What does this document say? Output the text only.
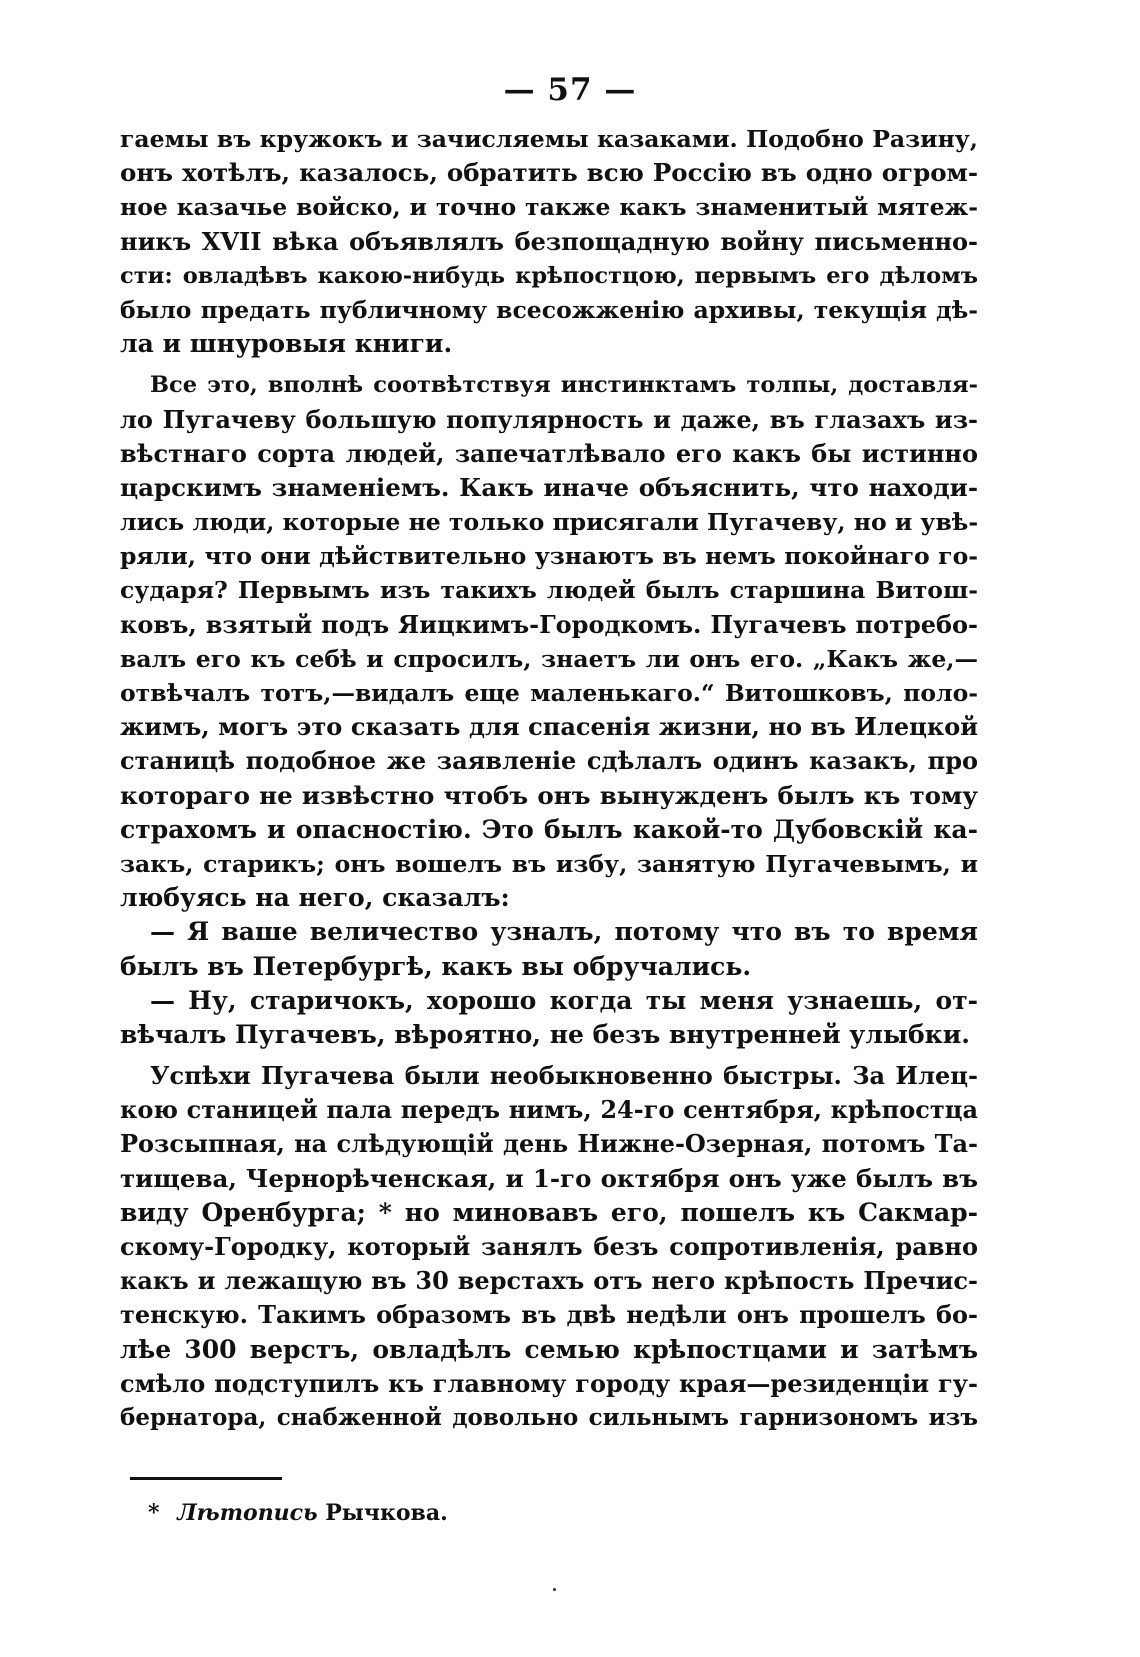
— 57 —
гаемы въ кружокъ и зачисляемы казаками. Подобно Разину,
онъ хотѣлъ, казалось, обратить всю Россію въ одно огром-
ное казачье войско, и точно также какъ знаменитый мятеж-
никъ XVII вѣка объявлялъ безпощадную войну письменно-
сти: овладѣвъ какою-нибудь крѣпостцою, первымъ его дѣломъ
было предать публичному всесожженію архивы, текущія дѣ-
ла и шнуровыя книги.
Все это, вполнѣ соотвѣтствуя инстинктамъ толпы, доставля-
ло Пугачеву большую популярность и даже, въ глазахъ из-
вѣстнаго сорта людей, запечатлѣвало его какъ бы истинно
царскимъ знаменіемъ. Какъ иначе объяснить, что находи-
лись люди, которые не только присягали Пугачеву, но и увѣ-
ряли, что они дѣйствительно узнаютъ въ немъ покойнаго го-
сударя? Первымъ изъ такихъ людей былъ старшина Витош-
ковъ, взятый подъ Яицкимъ-Городкомъ. Пугачевъ потребо-
валъ его къ себѣ и спросилъ, знаетъ ли онъ его. „Какъ же,—
отвѣчалъ тотъ,—видалъ еще маленькаго.“ Витошковъ, поло-
жимъ, могъ это сказать для спасенія жизни, но въ Илецкой
станицѣ подобное же заявленіе сдѣлалъ одинъ казакъ, про
котораго не извѣстно чтобъ онъ вынужденъ былъ къ тому
страхомъ и опасностію. Это былъ какой-то Дубовскій ка-
закъ, старикъ; онъ вошелъ въ избу, занятую Пугачевымъ, и
любуясь на него, сказалъ:
— Я ваше величество узналъ, потому что въ то время
былъ въ Петербургѣ, какъ вы обручались.
— Ну, старичокъ, хорошо когда ты меня узнаешь, от-
вѣчалъ Пугачевъ, вѣроятно, не безъ внутренней улыбки.
Успѣхи Пугачева были необыкновенно быстры. За Илец-
кою станицей пала передъ нимъ, 24-го сентября, крѣпостца
Розсыпная, на слѣдующій день Нижне-Озерная, потомъ Та-
тищева, Чернорѣченская, и 1-го октября онъ уже былъ въ
виду Оренбурга; * но миновавъ его, пошелъ къ Сакмар-
скому-Городку, который занялъ безъ сопротивленія, равно
какъ и лежащую въ 30 верстахъ отъ него крѣпость Пречис-
тенскую. Такимъ образомъ въ двѣ недѣли онъ прошелъ бо-
лѣе 300 верстъ, овладѣлъ семью крѣпостцами и затѣмъ
смѣло подступилъ къ главному городу края—резиденціи гу-
бернатора, снабженной довольно сильнымъ гарнизономъ изъ
* Лѣтопись Рычкова.
